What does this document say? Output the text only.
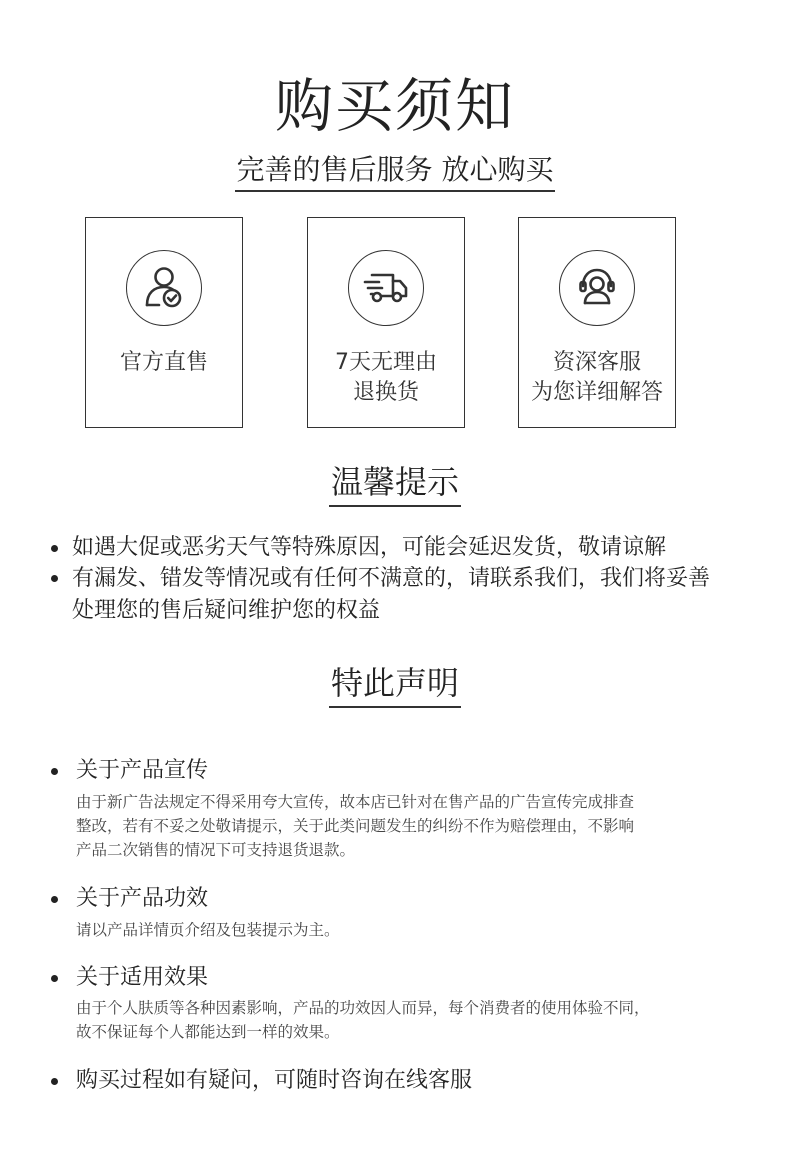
购买须知
完善的售后服务 放心购买
官方直售	7天无理由
退换货
资深客服
为您详细解答
温馨提示
如遇大促或恶劣天气等特殊原因，可能会延迟发货，敬请谅解
有漏发、错发等情况或有任何不满意的，请联系我们，我们将妥善
处理您的售后疑问维护您的权益
特此声明
关于产品宣传
由于新广告法规定不得采用夸大宣传，故本店已针对在售产品的广告宣传完成排查
整改，若有不妥之处敬请提示，关于此类问题发生的纠纷不作为赔偿理由，不影响
产品二次销售的情况下可支持退货退款。
关于产品功效
请以产品详情页介绍及包装提示为主。
关于适用效果
由于个人肤质等各种因素影响，产品的功效因人而异，每个消费者的使用体验不同，
故不保证每个人都能达到一样的效果。
购买过程如有疑问，可随时咨询在线客服
